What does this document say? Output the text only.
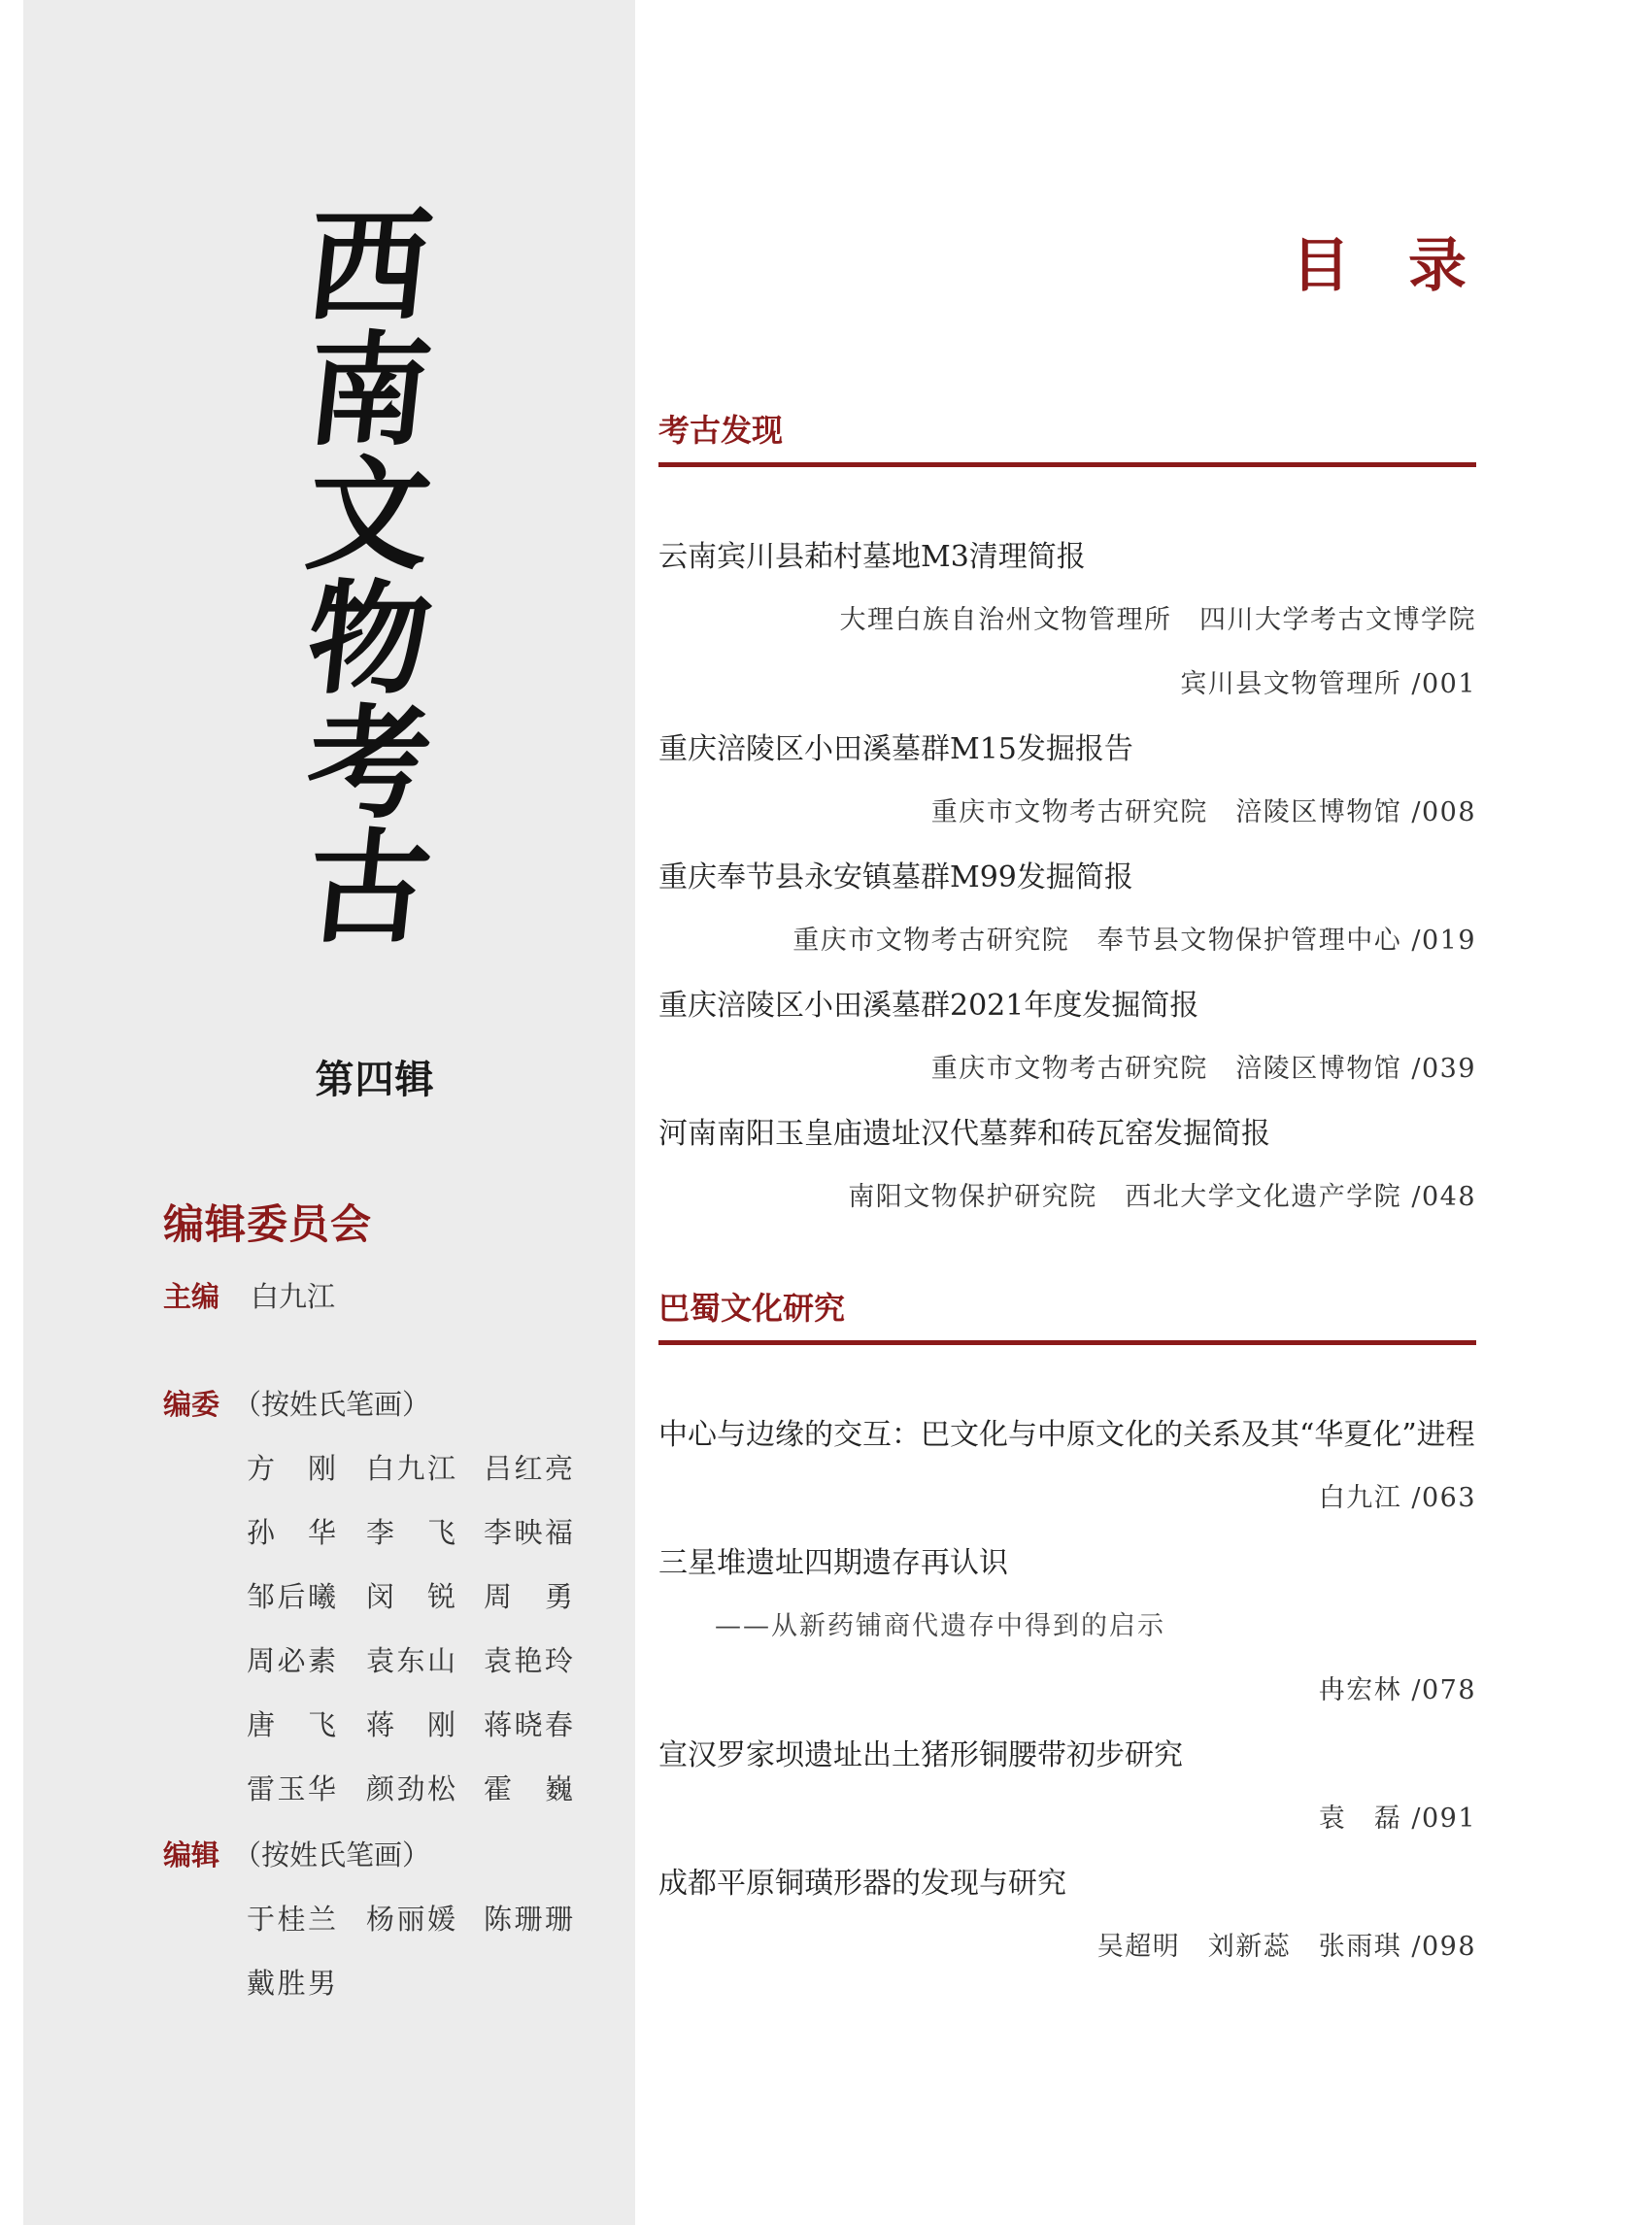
西
南
文
物
考
古
第四辑
编辑委员会
主编 白九江
编委 （按姓氏笔画）
方　刚 白九江 吕红亮
孙　华 李　飞 李映福
邹后曦 闵　锐 周　勇
周必素 袁东山 袁艳玲
唐　飞 蒋　刚 蒋晓春
雷玉华 颜劲松 霍　巍
编辑 （按姓氏笔画）
于桂兰 杨丽媛 陈珊珊
戴胜男
目录
考古发现
云南宾川县萂村墓地M3清理简报
大理白族自治州文物管理所　四川大学考古文博学院
宾川县文物管理所 /001
重庆涪陵区小田溪墓群M15发掘报告
重庆市文物考古研究院　涪陵区博物馆 /008
重庆奉节县永安镇墓群M99发掘简报
重庆市文物考古研究院　奉节县文物保护管理中心 /019
重庆涪陵区小田溪墓群2021年度发掘简报
重庆市文物考古研究院　涪陵区博物馆 /039
河南南阳玉皇庙遗址汉代墓葬和砖瓦窑发掘简报
南阳文物保护研究院　西北大学文化遗产学院 /048
巴蜀文化研究
中心与边缘的交互：巴文化与中原文化的关系及其“华夏化”进程
白九江 /063
三星堆遗址四期遗存再认识
——从新药铺商代遗存中得到的启示
冉宏林 /078
宣汉罗家坝遗址出土猪形铜腰带初步研究
袁　磊 /091
成都平原铜璜形器的发现与研究
吴超明　刘新蕊　张雨琪 /098
